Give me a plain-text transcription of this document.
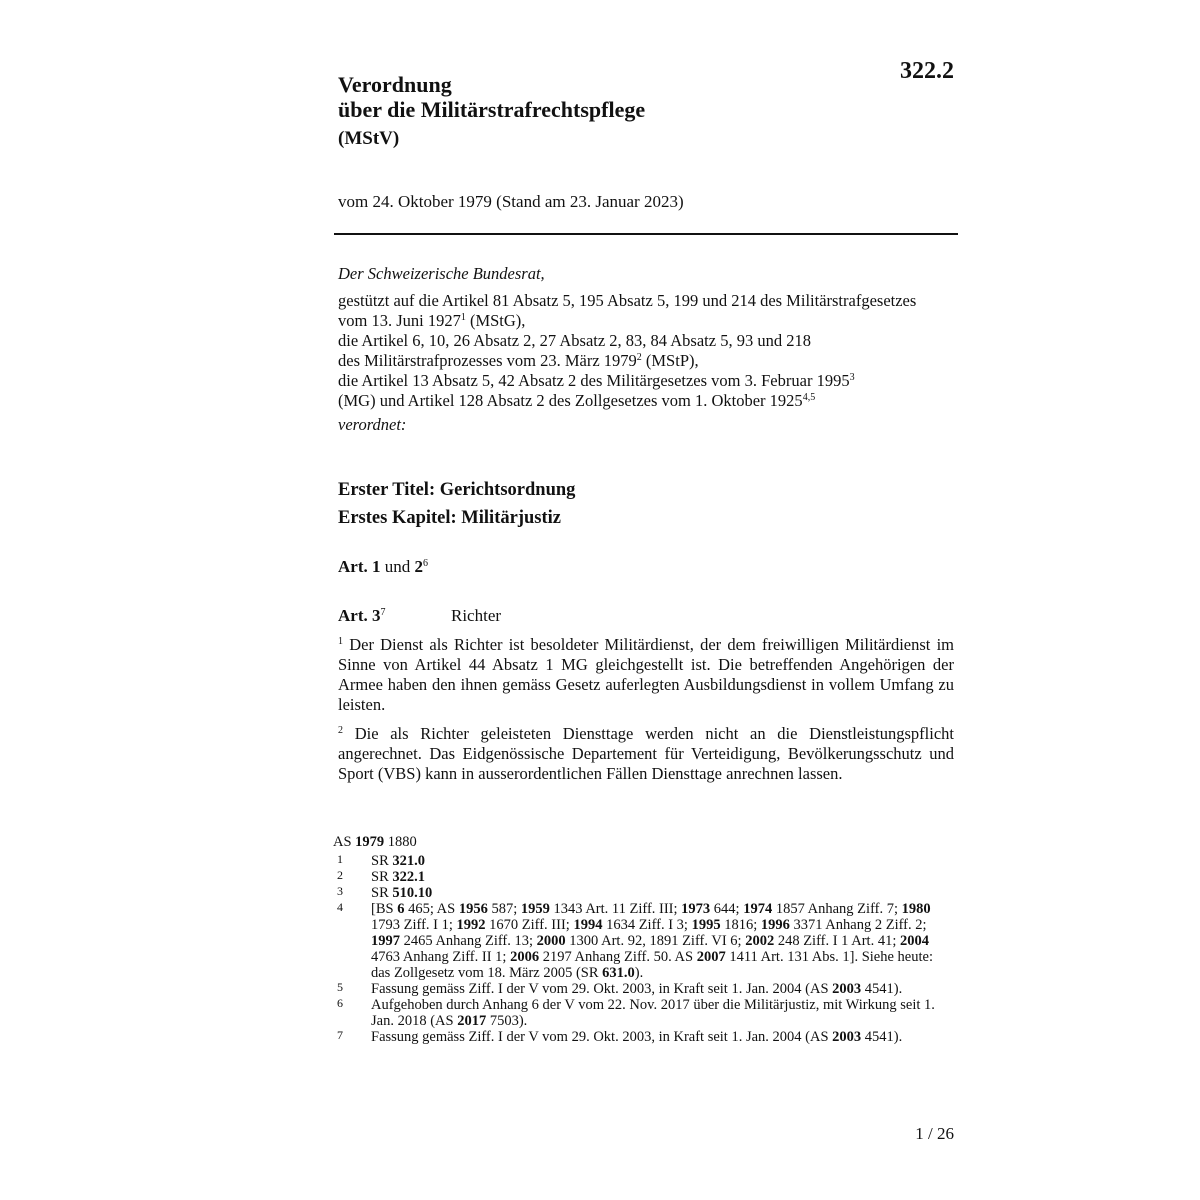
322.2
Verordnung
über die Militärstrafrechtspflege
(MStV)
vom 24. Oktober 1979 (Stand am 23. Januar 2023)
Der Schweizerische Bundesrat,
gestützt auf die Artikel 81 Absatz 5, 195 Absatz 5, 199 und 214 des Militärstrafgesetzes
vom 13. Juni 1927$^1$ (MStG),
die Artikel 6, 10, 26 Absatz 2, 27 Absatz 2, 83, 84 Absatz 5, 93 und 218
des Militärstrafprozesses vom 23. März 1979$^2$ (MStP),
die Artikel 13 Absatz 5, 42 Absatz 2 des Militärgesetzes vom 3. Februar 1995$^3$
(MG) und Artikel 128 Absatz 2 des Zollgesetzes vom 1. Oktober 1925$^{4,5}$
verordnet:
Erster Titel: Gerichtsordnung
Erstes Kapitel: Militärjustiz
Art. 1 und $2^6$
Art. $3^7$	Richter
$^1$ Der Dienst als Richter ist besoldeter Militärdienst, der dem freiwilligen Militärdienst im Sinne von Artikel 44 Absatz 1 MG gleichgestellt ist. Die betreffenden Angehörigen der Armee haben den ihnen gemäss Gesetz auferlegten Ausbildungsdienst in vollem Umfang zu leisten.
$^2$ Die als Richter geleisteten Diensttage werden nicht an die Dienstleistungspflicht angerechnet. Das Eidgenössische Departement für Verteidigung, Bevölkerungsschutz und Sport (VBS) kann in ausserordentlichen Fällen Diensttage anrechnen lassen.
AS 1979 1880
1	SR 321.0
2	SR 322.1
3	SR 510.10
4	[BS 6 465; AS 1956 587; 1959 1343 Art. 11 Ziff. III; 1973 644; 1974 1857 Anhang Ziff. 7; 1980 1793 Ziff. I 1; 1992 1670 Ziff. III; 1994 1634 Ziff. I 3; 1995 1816; 1996 3371 Anhang 2 Ziff. 2; 1997 2465 Anhang Ziff. 13; 2000 1300 Art. 92, 1891 Ziff. VI 6; 2002 248 Ziff. I 1 Art. 41; 2004 4763 Anhang Ziff. II 1; 2006 2197 Anhang Ziff. 50. AS 2007 1411 Art. 131 Abs. 1]. Siehe heute: das Zollgesetz vom 18. März 2005 (SR 631.0).
5	Fassung gemäss Ziff. I der V vom 29. Okt. 2003, in Kraft seit 1. Jan. 2004 (AS 2003 4541).
6	Aufgehoben durch Anhang 6 der V vom 22. Nov. 2017 über die Militärjustiz, mit Wirkung seit 1. Jan. 2018 (AS 2017 7503).
7	Fassung gemäss Ziff. I der V vom 29. Okt. 2003, in Kraft seit 1. Jan. 2004 (AS 2003 4541).
1 / 26
